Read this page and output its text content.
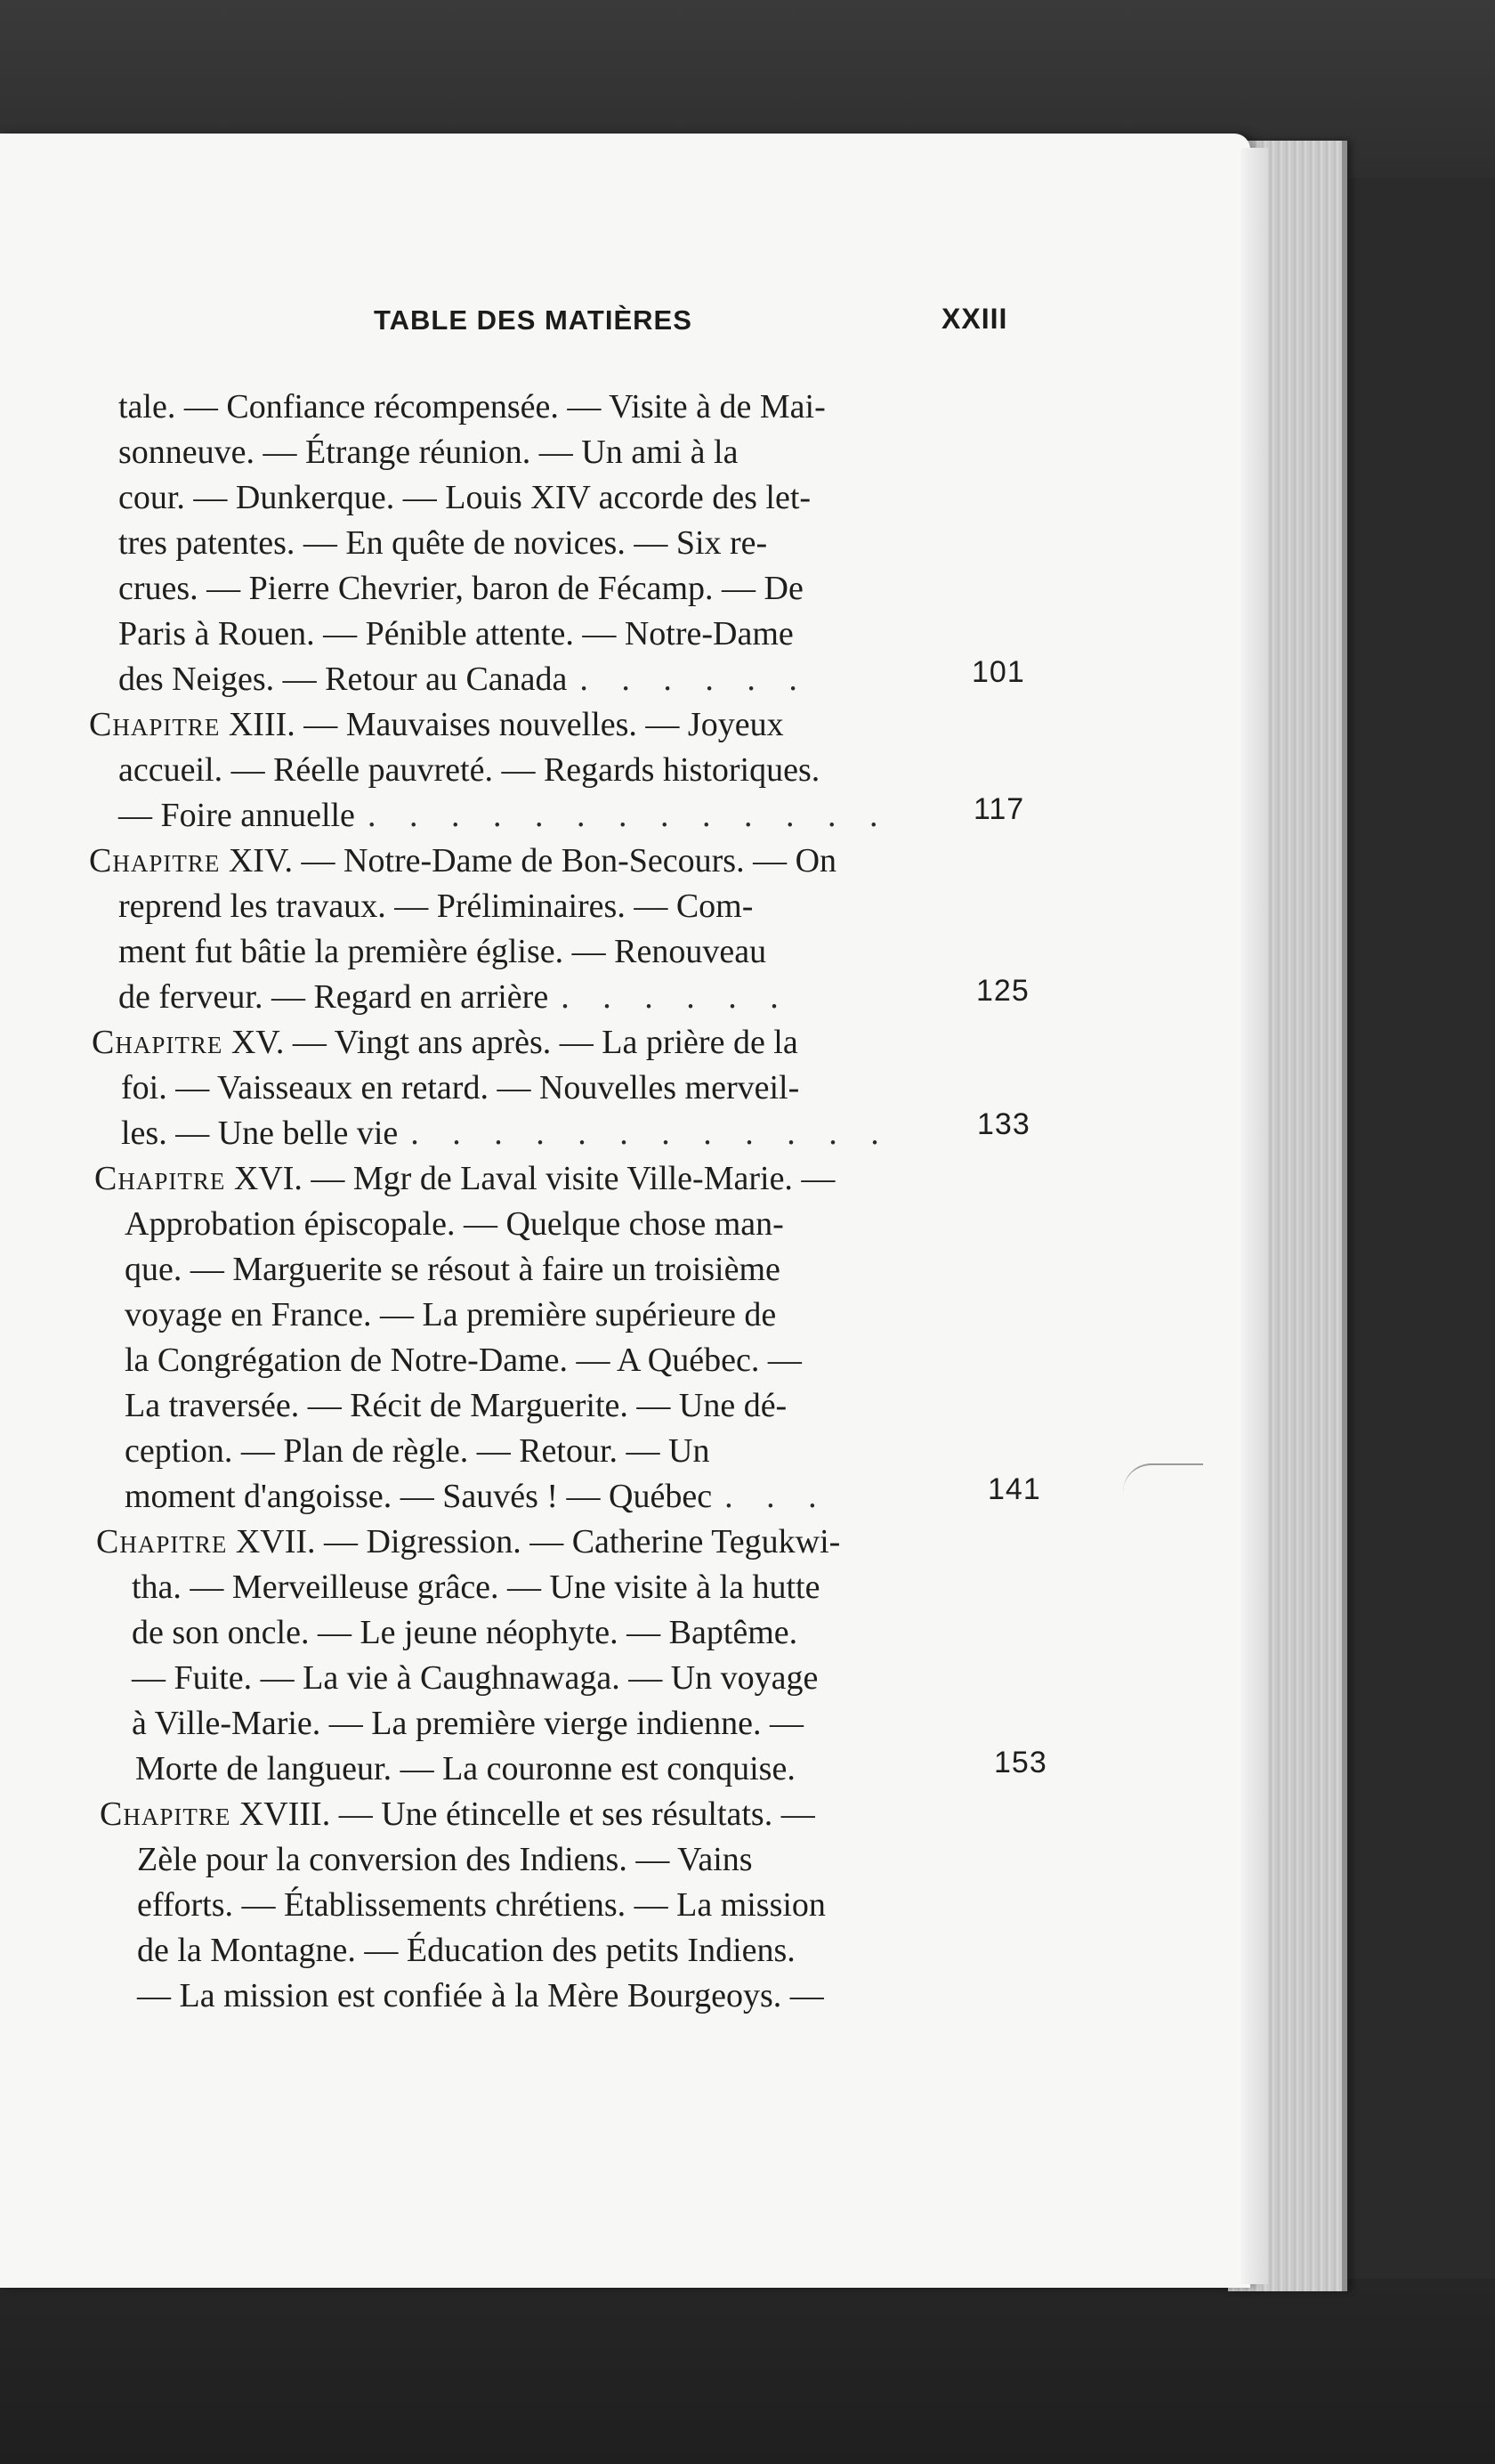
TABLE DES MATIÈRES	XXIII
tale. — Confiance récompensée. — Visite à de Mai-
sonneuve. — Étrange réunion. — Un ami à la
cour. — Dunkerque. — Louis XIV accorde des let-
tres patentes. — En quête de novices. — Six re-
crues. — Pierre Chevrier, baron de Fécamp. — De
Paris à Rouen. — Pénible attente. — Notre-Dame
des Neiges. — Retour au Canada . . . . . .	101
Chapitre XIII. — Mauvaises nouvelles. — Joyeux
accueil. — Réelle pauvreté. — Regards historiques.
— Foire annuelle . . . . . . . . . . . . .	117
Chapitre XIV. — Notre-Dame de Bon-Secours. — On
reprend les travaux. — Préliminaires. — Com-
ment fut bâtie la première église. — Renouveau
de ferveur. — Regard en arrière . . . . . .	125
Chapitre XV. — Vingt ans après. — La prière de la
foi. — Vaisseaux en retard. — Nouvelles merveil-
les. — Une belle vie . . . . . . . . . . . .	133
Chapitre XVI. — Mgr de Laval visite Ville-Marie. —
Approbation épiscopale. — Quelque chose man-
que. — Marguerite se résout à faire un troisième
voyage en France. — La première supérieure de
la Congrégation de Notre-Dame. — A Québec. —
La traversée. — Récit de Marguerite. — Une dé-
ception. — Plan de règle. — Retour. — Un
moment d'angoisse. — Sauvés ! — Québec . . .	141
Chapitre XVII. — Digression. — Catherine Tegukwi-
tha. — Merveilleuse grâce. — Une visite à la hutte
de son oncle. — Le jeune néophyte. — Baptême.
— Fuite. — La vie à Caughnawaga. — Un voyage
à Ville-Marie. — La première vierge indienne. —
Morte de langueur. — La couronne est conquise.	153
Chapitre XVIII. — Une étincelle et ses résultats. —
Zèle pour la conversion des Indiens. — Vains
efforts. — Établissements chrétiens. — La mission
de la Montagne. — Éducation des petits Indiens.
— La mission est confiée à la Mère Bourgeoys. —
